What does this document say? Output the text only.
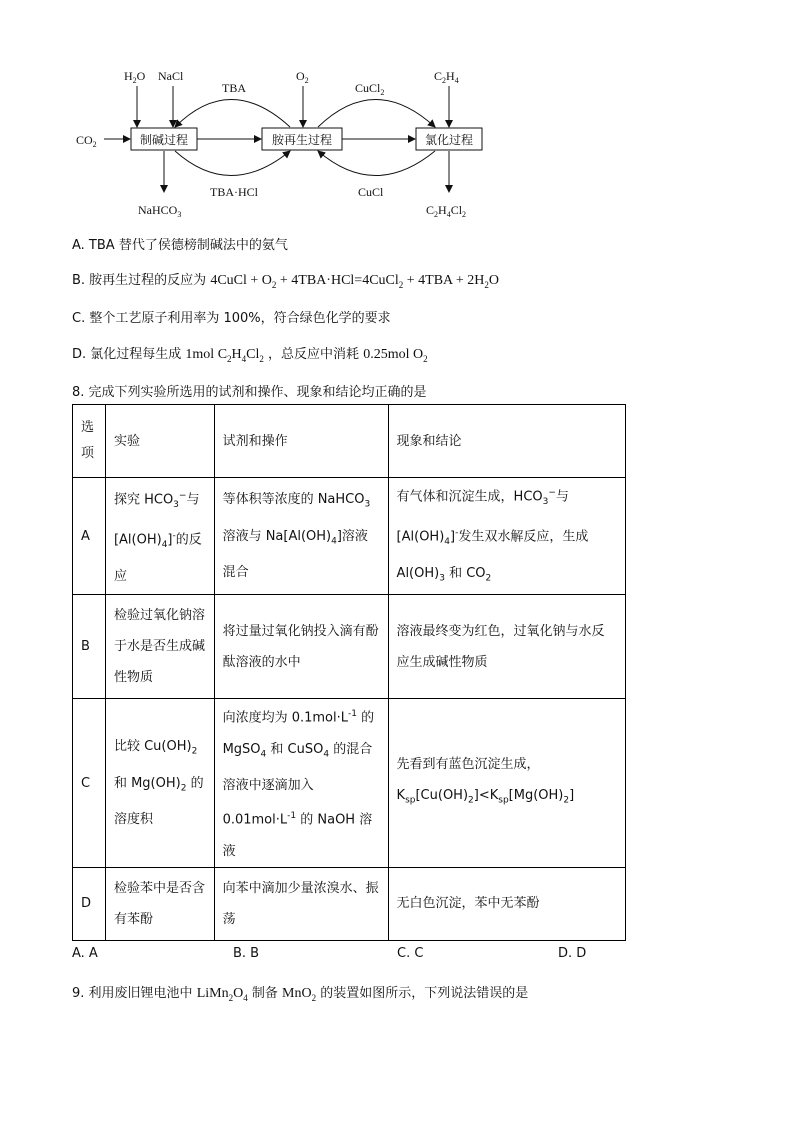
制碱过程	胺再生过程	氯化过程
$CO_2$
$H_2O$ NaCl	$O_2$	$C_2H_4$
TBA
TBA·HCl
CuCl$_2$
CuCl
NaHCO$_3$	$C_2H_4Cl_2$
A. TBA 替代了侯德榜制碱法中的氨气
B. 胺再生过程的反应为 4CuCl + $O_2$ + 4TBA·HCl=4CuCl$_2$ + $4TBA + 2H_2O$
C. 整个工艺原子利用率为 100%，符合绿色化学的要求
D. 氯化过程每生成 1mol $C_2H_4Cl_2$ ，总反应中消耗 0.25mol $O_2$
8. 完成下列实验所选用的试剂和操作、现象和结论均正确的是
选
项	实验	试剂和操作	现象和结论
A	探究 $HCO_3^-$与$[Al(OH)_4]^-$的反应	等体积等浓度的 NaHCO$_3$ 溶液与 $Na[Al(OH)_4]$溶液混合	有气体和沉淀生成，$HCO_3^-$与$[Al(OH)_4]^-$发生双水解反应，生成 $Al(OH)_3$ 和 $CO_2$
B	检验过氧化钠溶于水是否生成碱性物质	将过量过氧化钠投入滴有酚酞溶液的水中	溶液最终变为红色，过氧化钠与水反应生成碱性物质
C	比较 $Cu(OH)_2$ 和 $Mg(OH)_2$ 的溶度积	向浓度均为 $0.1mol\cdot L^{-1}$ 的 MgSO$_4$ 和 CuSO$_4$ 的混合溶液中逐滴加入 $0.01mol\cdot L^{-1}$ 的 NaOH 溶液	先看到有蓝色沉淀生成，$K_{sp}[Cu(OH)_2]<K_{sp}[Mg(OH)_2]$
D	检验苯中是否含有苯酚	向苯中滴加少量浓溴水、振荡	无白色沉淀，苯中无苯酚
A. A	B. B	C. C	D. D
9. 利用废旧锂电池中 $LiMn_2O_4$ 制备 MnO$_2$ 的装置如图所示，下列说法错误的是
